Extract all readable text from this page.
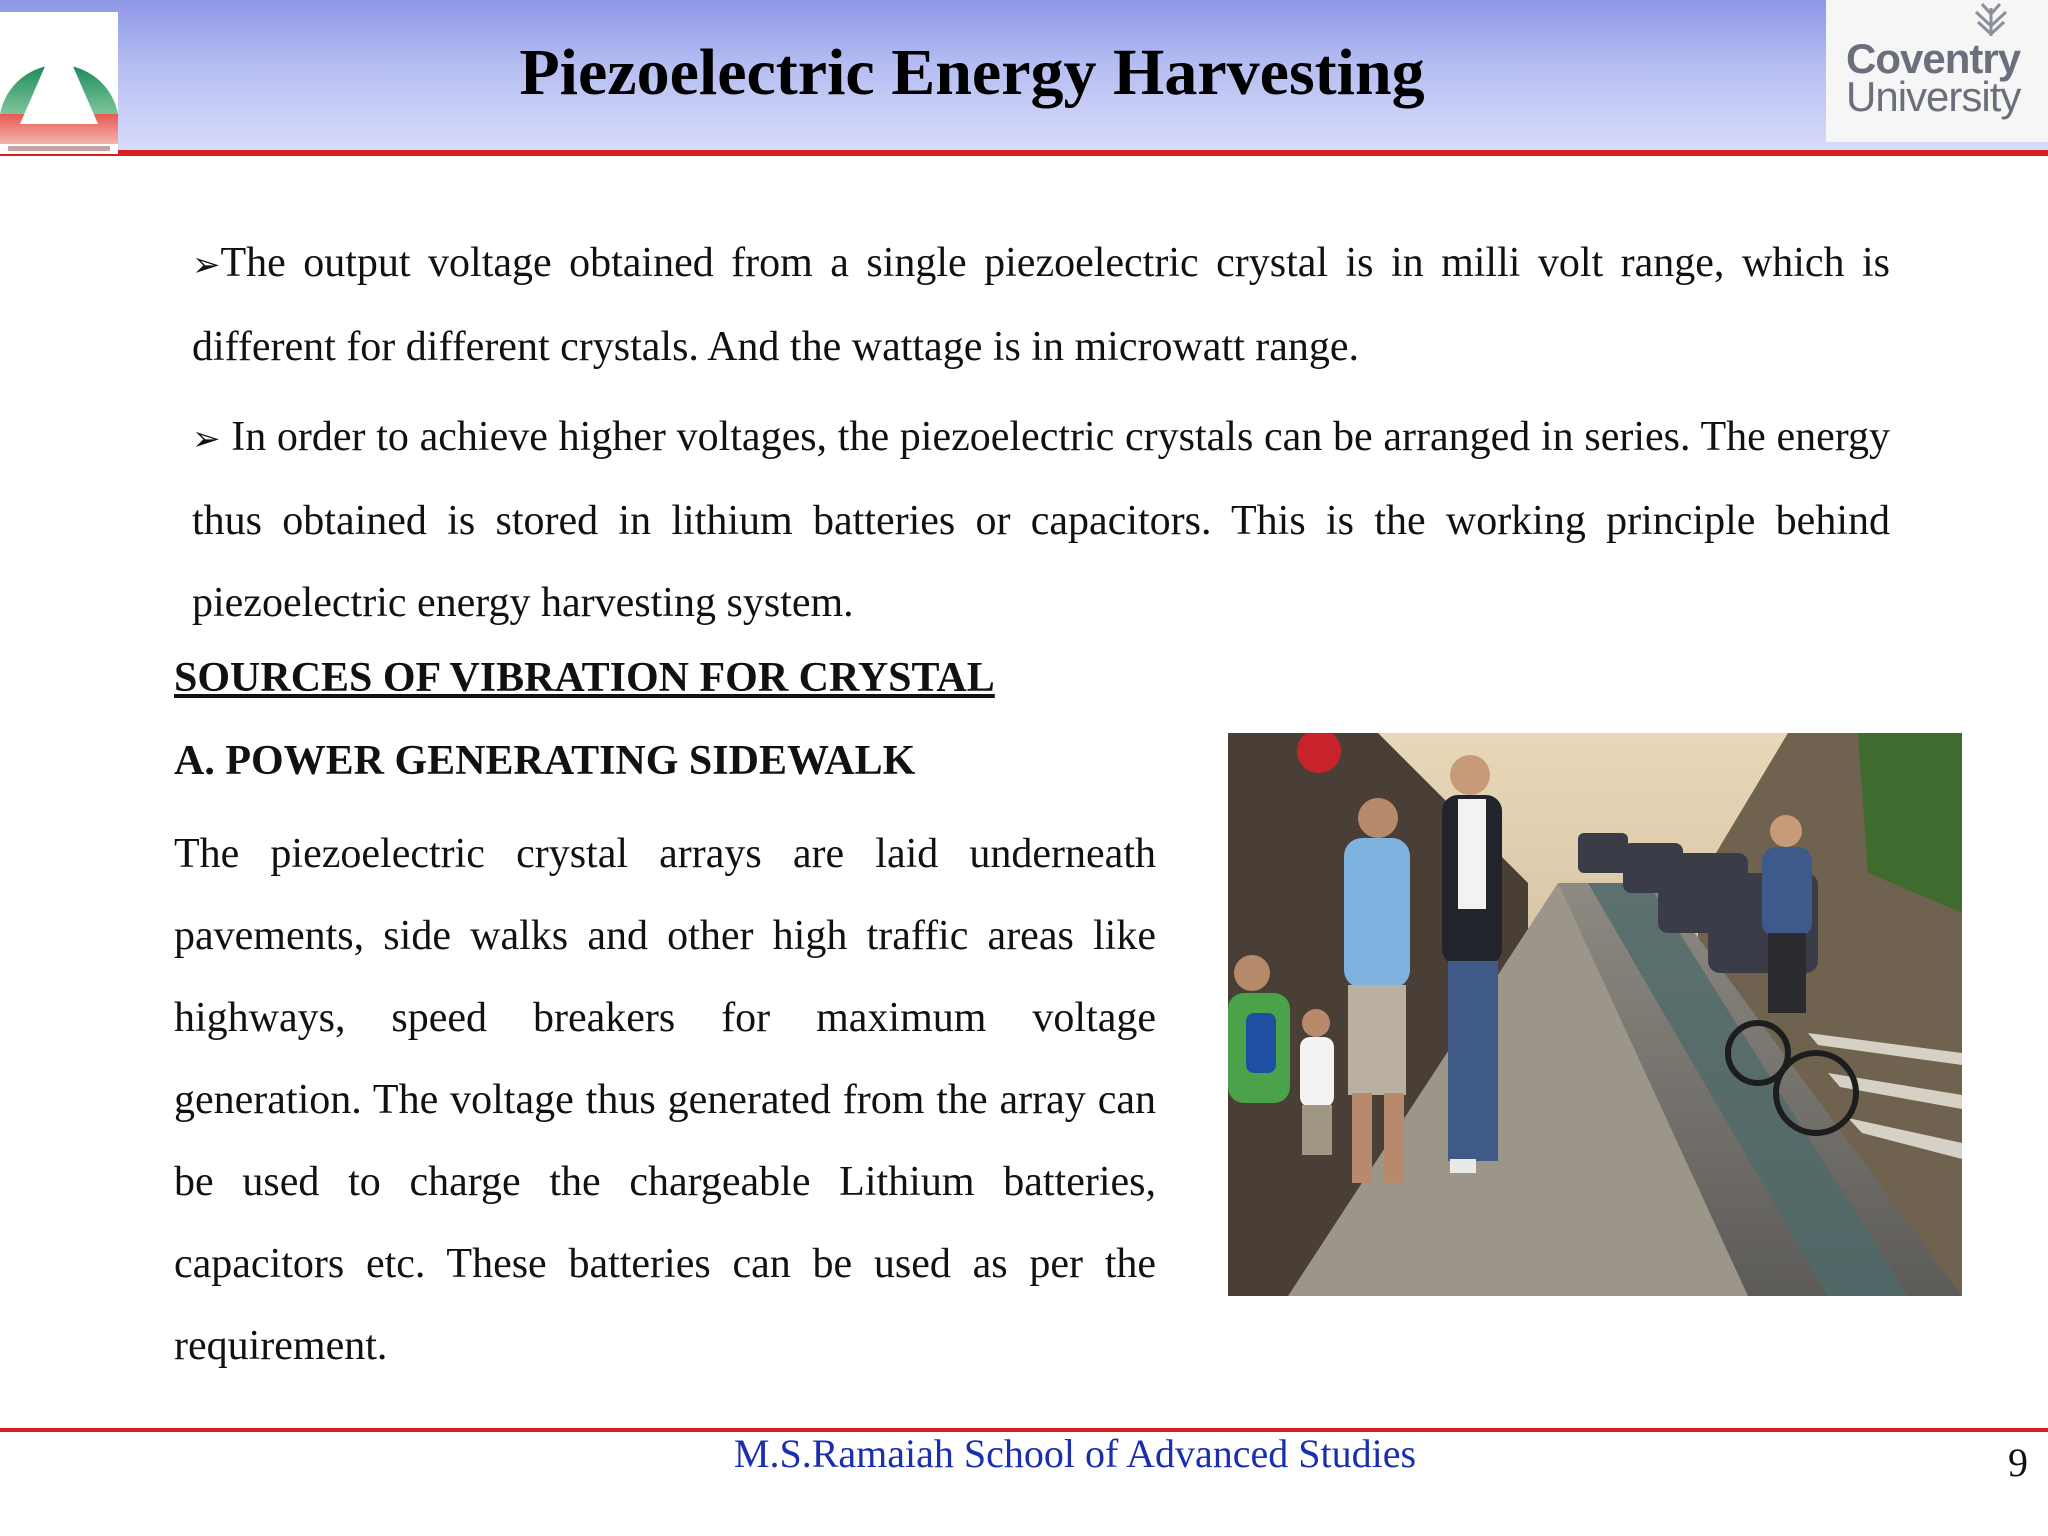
Coventry
University
Piezoelectric Energy Harvesting

➢The output voltage obtained from a single piezoelectric crystal is in milli volt range, which is different for different crystals. And the wattage is in microwatt range.

➢ In order to achieve higher voltages, the piezoelectric crystals can be arranged in series. The energy thus obtained is stored in lithium batteries or capacitors. This is the working principle behind piezoelectric energy harvesting system.

SOURCES OF VIBRATION FOR CRYSTAL
A. POWER GENERATING SIDEWALK

The piezoelectric crystal arrays are laid underneath pavements, side walks and other high traffic areas like highways, speed breakers for maximum voltage generation. The voltage thus generated from the array can be used to charge the chargeable Lithium batteries, capacitors etc. These batteries can be used as per the requirement.

M.S.Ramaiah School of Advanced Studies	9
